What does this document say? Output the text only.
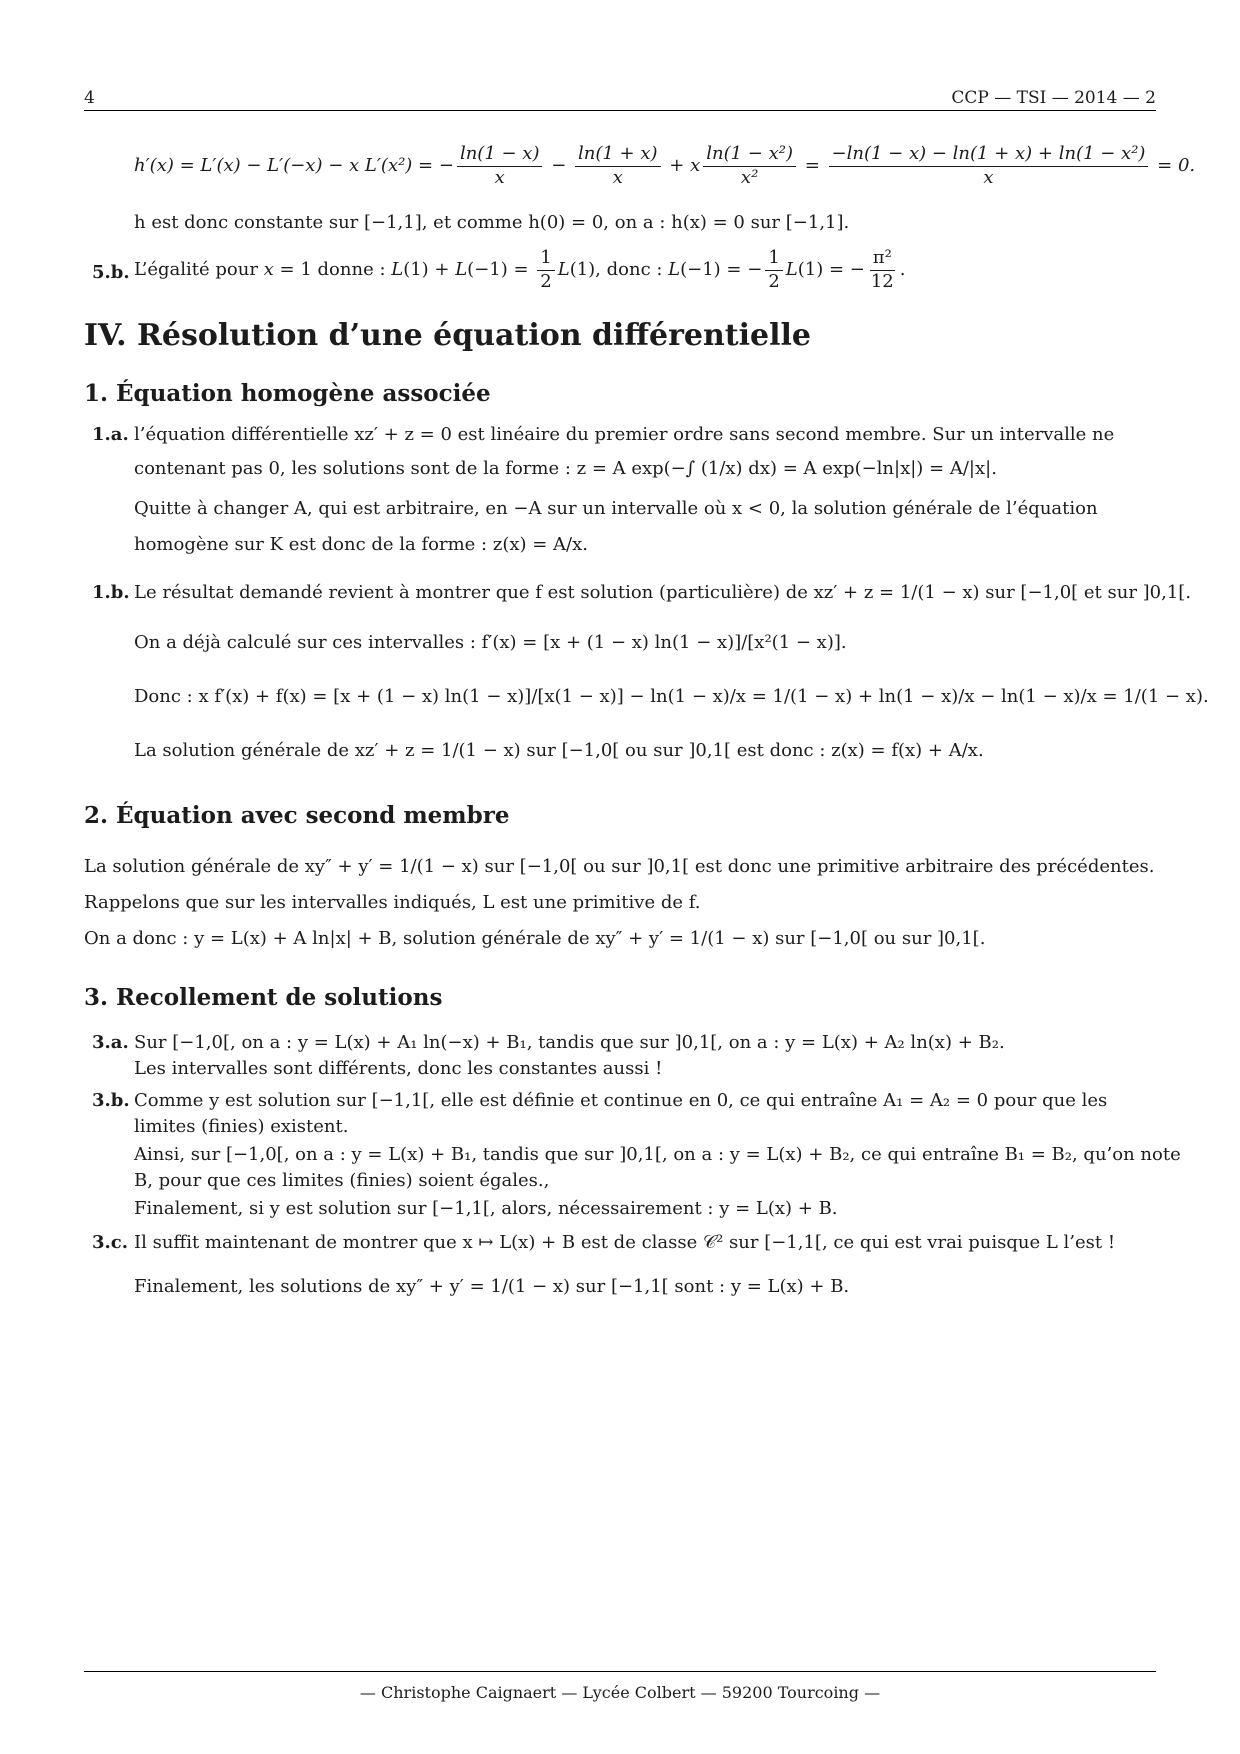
4	CCP — TSI — 2014 — 2
h′(x) = L′(x) − L′(−x) − x L′(x²) = − $\frac{\ln(1 - x)}{x} - \frac{\ln(1 + x)}{x} + x \frac{\text{ln(1 − x²)}}{\text{x²}} = \frac{\text{−ln(1 − x) − ln(1 + x) + ln(1 − x²)}}{x} = 0$.
h est donc constante sur [−1,1], et comme h(0) = 0, on a : h(x) = 0 sur [−1,1].
5.b. L’égalité pour x = 1 donne : $L(1) + L(-1) = \frac{1}{2} L(1)$, donc : L(−1) = − $\frac{1}{2} L(1)$ = − $\frac{\text{π²}}{12}$ .
IV. Résolution d’une équation différentielle
1. Équation homogène associée
1.a. l’équation différentielle xz′ + z = 0 est linéaire du premier ordre sans second membre. Sur un intervalle ne
contenant pas 0, les solutions sont de la forme : z = A exp(−∫ (1/x) dx) = A exp(−ln|x|) = A/|x|.
Quitte à changer A, qui est arbitraire, en −A sur un intervalle où x < 0, la solution générale de l’équation
homogène sur K est donc de la forme : z(x) = A/x.
1.b. Le résultat demandé revient à montrer que f est solution (particulière) de xz′ + z = 1/(1 − x) sur [−1,0[ et sur ]0,1[.
On a déjà calculé sur ces intervalles : f′(x) = [x + (1 − x) ln(1 − x)]/[x²(1 − x)].
Donc : x f′(x) + f(x) = [x + (1 − x) ln(1 − x)]/[x(1 − x)] − ln(1 − x)/x = 1/(1 − x) + ln(1 − x)/x − ln(1 − x)/x = 1/(1 − x).
La solution générale de xz′ + z = 1/(1 − x) sur [−1,0[ ou sur ]0,1[ est donc : z(x) = f(x) + A/x.
2. Équation avec second membre
La solution générale de xy″ + y′ = 1/(1 − x) sur [−1,0[ ou sur ]0,1[ est donc une primitive arbitraire des précédentes.
Rappelons que sur les intervalles indiqués, L est une primitive de f.
On a donc : y = L(x) + A ln|x| + B, solution générale de xy″ + y′ = 1/(1 − x) sur [−1,0[ ou sur ]0,1[.
3. Recollement de solutions
3.a. Sur [−1,0[, on a : y = L(x) + A₁ ln(−x) + B₁, tandis que sur ]0,1[, on a : y = L(x) + A₂ ln(x) + B₂.
Les intervalles sont différents, donc les constantes aussi !
3.b. Comme y est solution sur [−1,1[, elle est définie et continue en 0, ce qui entraîne A₁ = A₂ = 0 pour que les
limites (finies) existent.
Ainsi, sur [−1,0[, on a : y = L(x) + B₁, tandis que sur ]0,1[, on a : y = L(x) + B₂, ce qui entraîne B₁ = B₂, qu’on note
B, pour que ces limites (finies) soient égales.,
Finalement, si y est solution sur [−1,1[, alors, nécessairement : y = L(x) + B.
3.c. Il suffit maintenant de montrer que x ↦ L(x) + B est de classe 𝒞² sur [−1,1[, ce qui est vrai puisque L l’est !
Finalement, les solutions de xy″ + y′ = 1/(1 − x) sur [−1,1[ sont : y = L(x) + B.
— Christophe Caignaert — Lycée Colbert — 59200 Tourcoing —
